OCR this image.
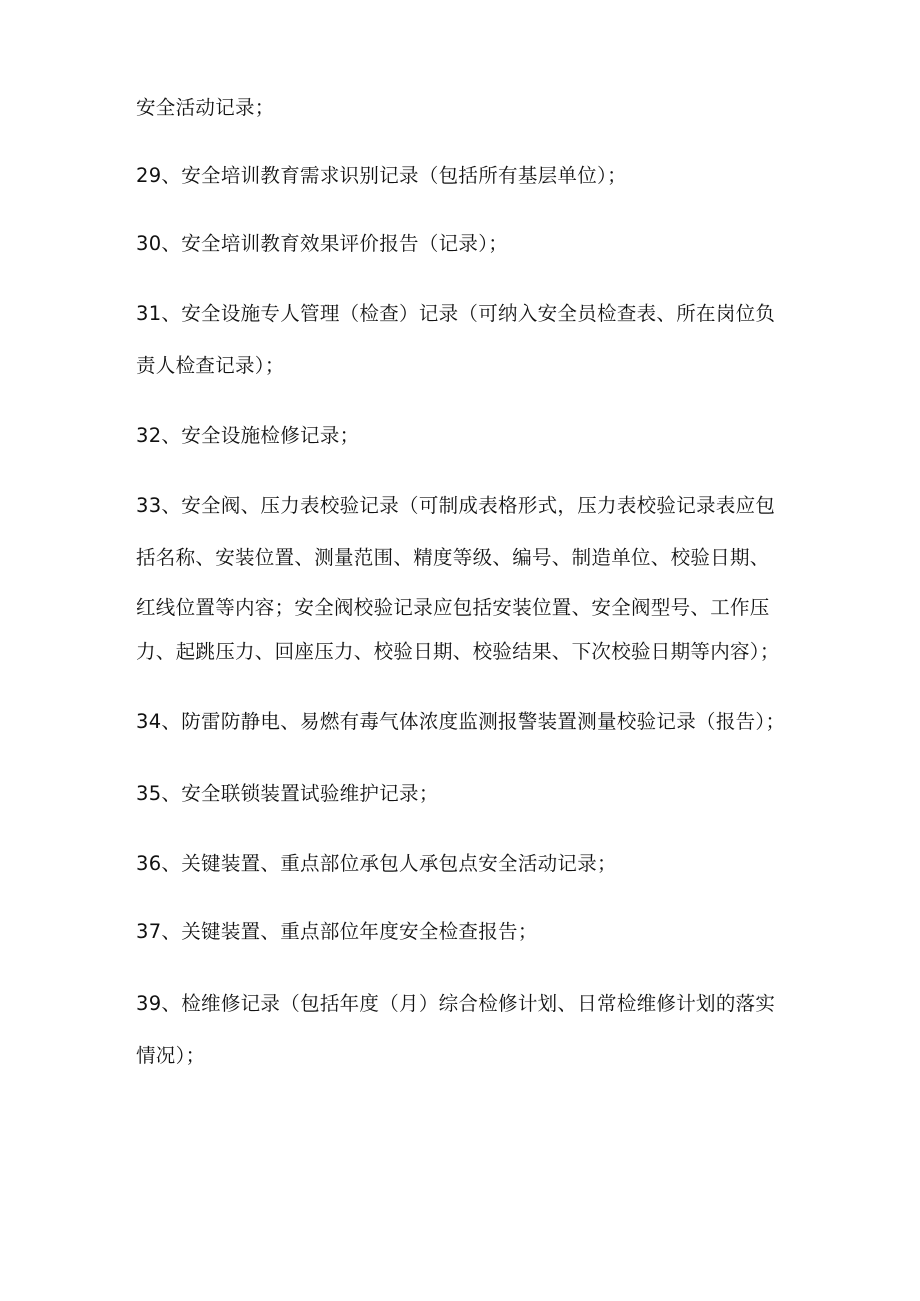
安全活动记录；
29、安全培训教育需求识别记录（包括所有基层单位）；
30、安全培训教育效果评价报告（记录）；
31、安全设施专人管理（检查）记录（可纳入安全员检查表、所在岗位负
责人检查记录）；
32、安全设施检修记录；
33、安全阀、压力表校验记录（可制成表格形式，压力表校验记录表应包
括名称、安装位置、测量范围、精度等级、编号、制造单位、校验日期、
红线位置等内容；安全阀校验记录应包括安装位置、安全阀型号、工作压
力、起跳压力、回座压力、校验日期、校验结果、下次校验日期等内容）；
34、防雷防静电、易燃有毒气体浓度监测报警装置测量校验记录（报告）；
35、安全联锁装置试验维护记录；
36、关键装置、重点部位承包人承包点安全活动记录；
37、关键装置、重点部位年度安全检查报告；
39、检维修记录（包括年度（月）综合检修计划、日常检维修计划的落实
情况）；
